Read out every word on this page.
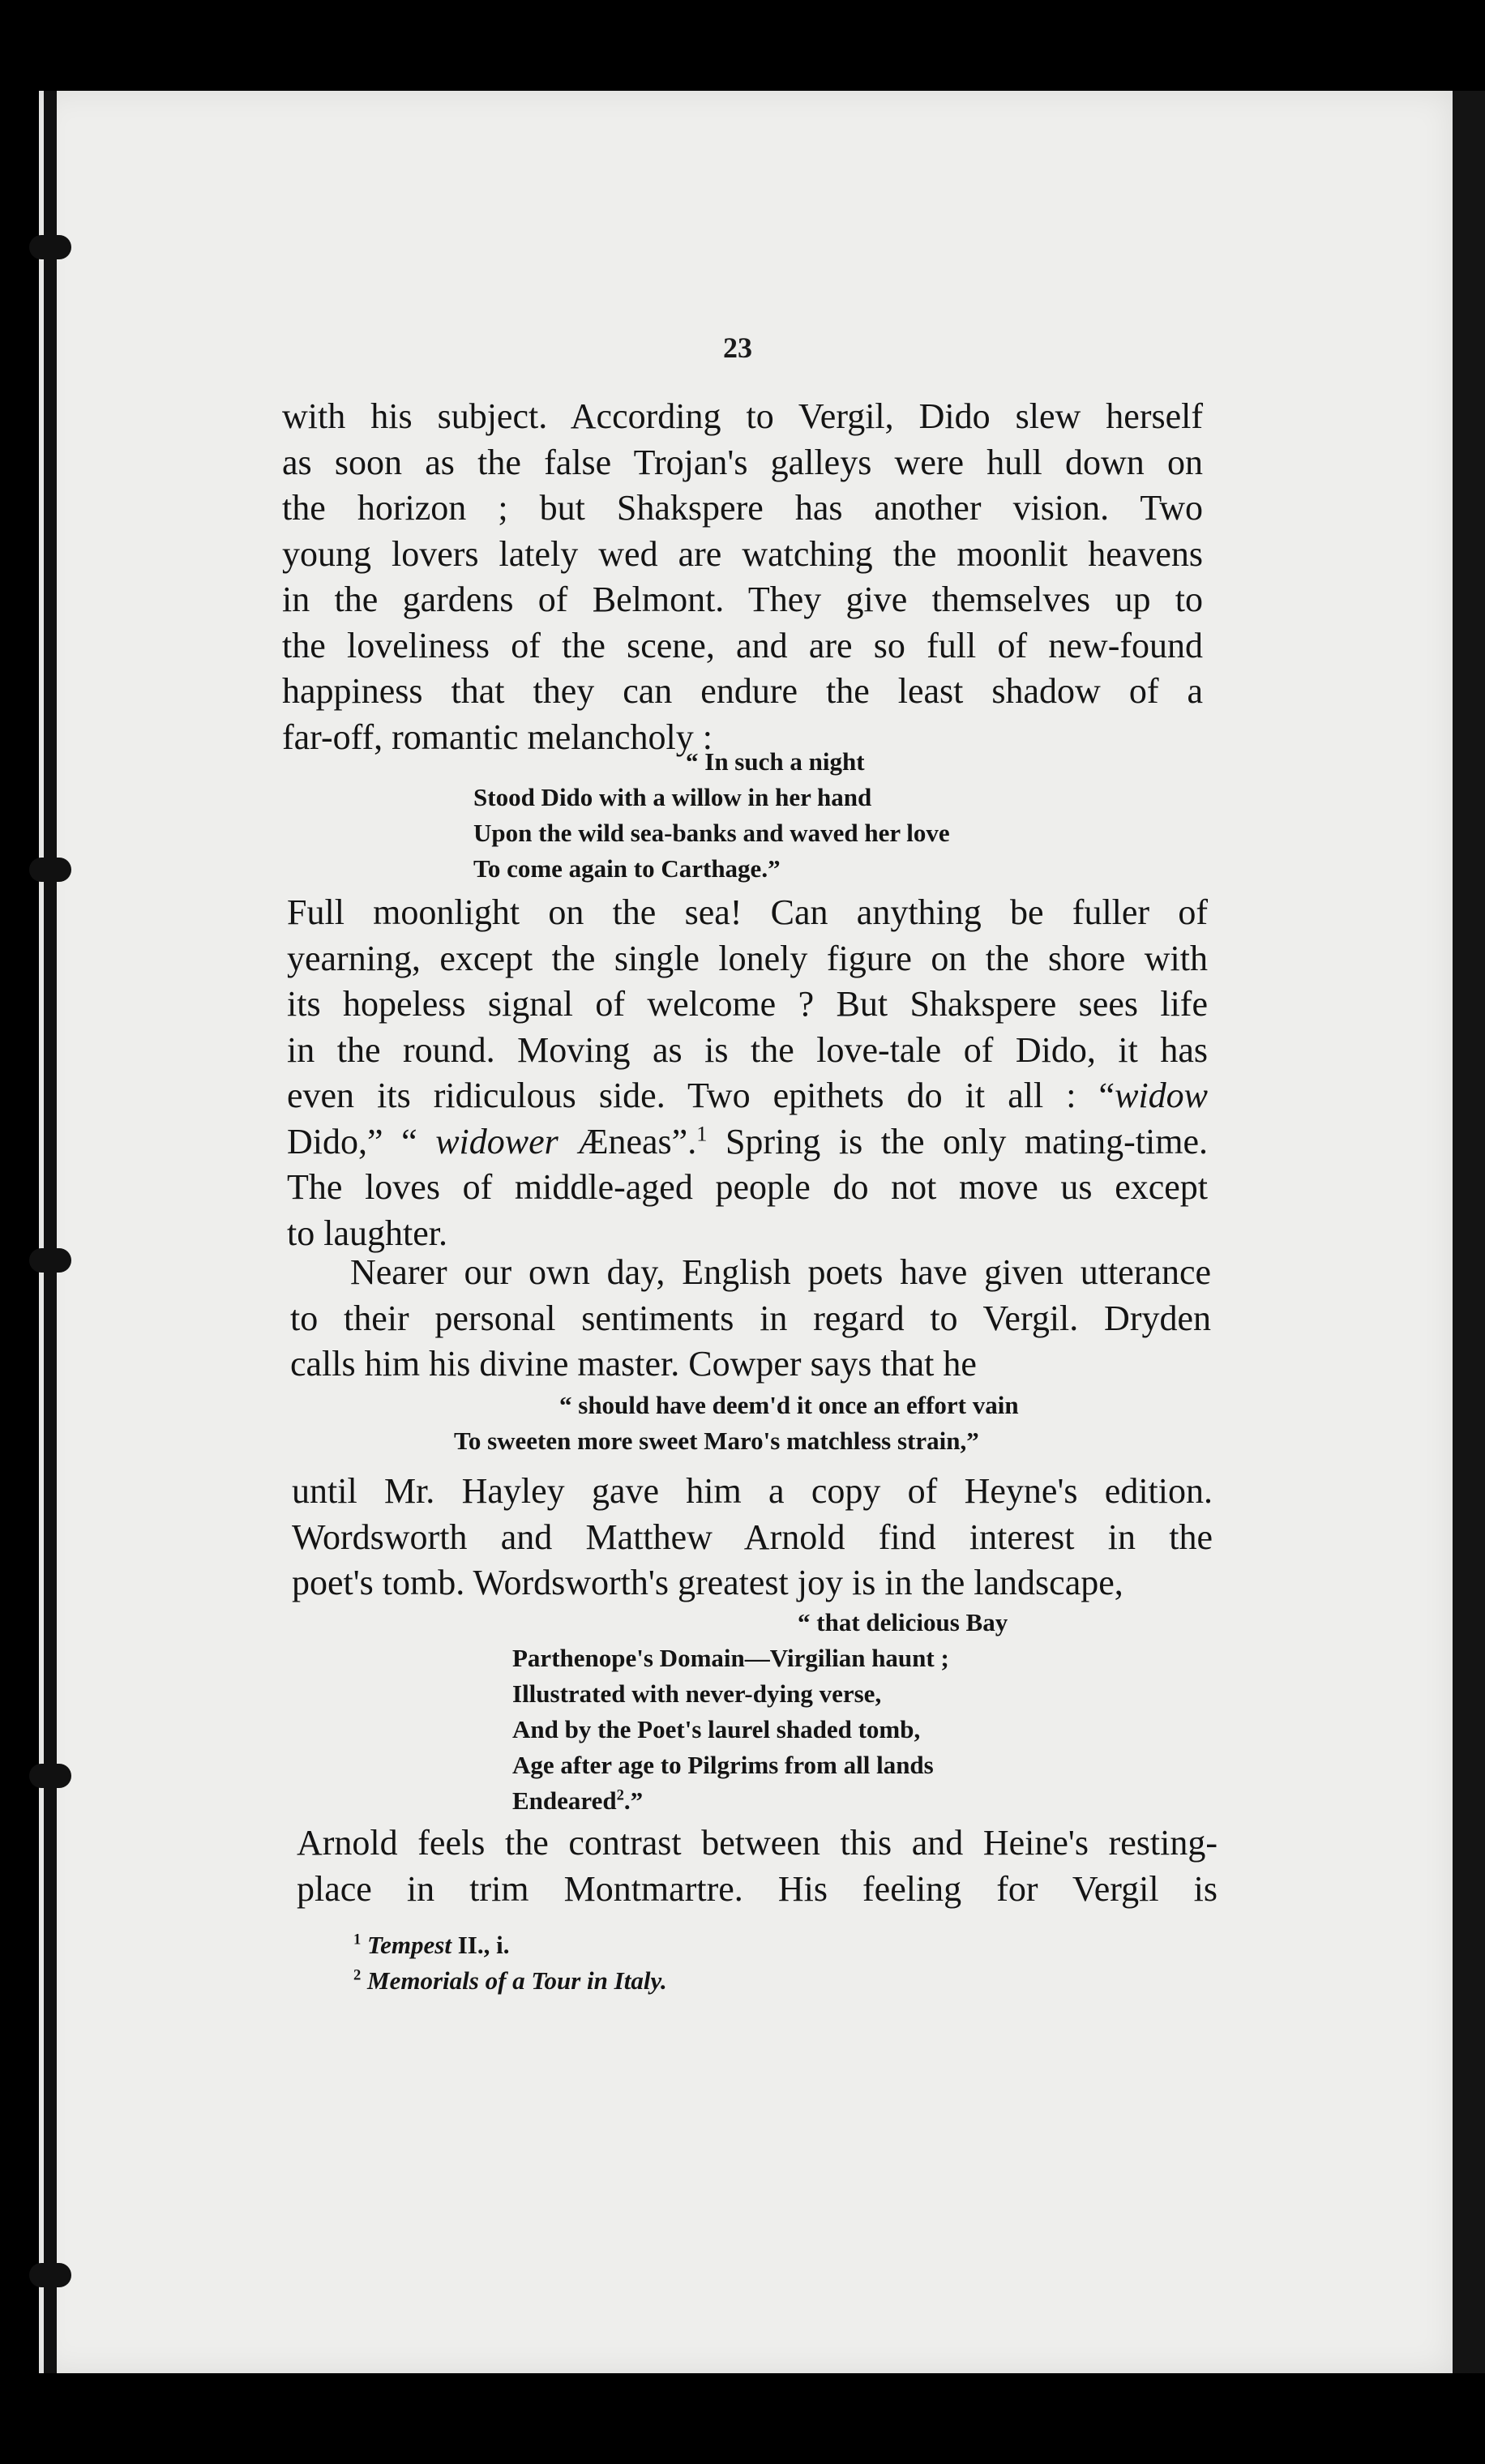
23

with his subject. According to Vergil, Dido slew herself
as soon as the false Trojan's galleys were hull down on
the horizon ; but Shakspere has another vision. Two
young lovers lately wed are watching the moonlit heavens
in the gardens of Belmont. They give themselves up to
the loveliness of the scene, and are so full of new-found
happiness that they can endure the least shadow of a
far-off, romantic melancholy :

“ In such a night
Stood Dido with a willow in her hand
Upon the wild sea-banks and waved her love
To come again to Carthage.”

Full moonlight on the sea! Can anything be fuller of
yearning, except the single lonely figure on the shore with
its hopeless signal of welcome ? But Shakspere sees life
in the round. Moving as is the love-tale of Dido, it has
even its ridiculous side. Two epithets do it all : “widow
Dido,” “ widower Æneas”.$^1$ Spring is the only mating-time.
The loves of middle-aged people do not move us except
to laughter.

Nearer our own day, English poets have given utterance
to their personal sentiments in regard to Vergil. Dryden
calls him his divine master. Cowper says that he

“ should have deem'd it once an effort vain
To sweeten more sweet Maro's matchless strain,”

until Mr. Hayley gave him a copy of Heyne's edition.
Wordsworth and Matthew Arnold find interest in the
poet's tomb. Wordsworth's greatest joy is in the landscape,

“ that delicious Bay
Parthenope's Domain—Virgilian haunt ;
Illustrated with never-dying verse,
And by the Poet's laurel shaded tomb,
Age after age to Pilgrims from all lands
Endeared$^2$.”

Arnold feels the contrast between this and Heine's resting-
place in trim Montmartre. His feeling for Vergil is

$^1$ Tempest II., i.
$^2$ Memorials of a Tour in Italy.
